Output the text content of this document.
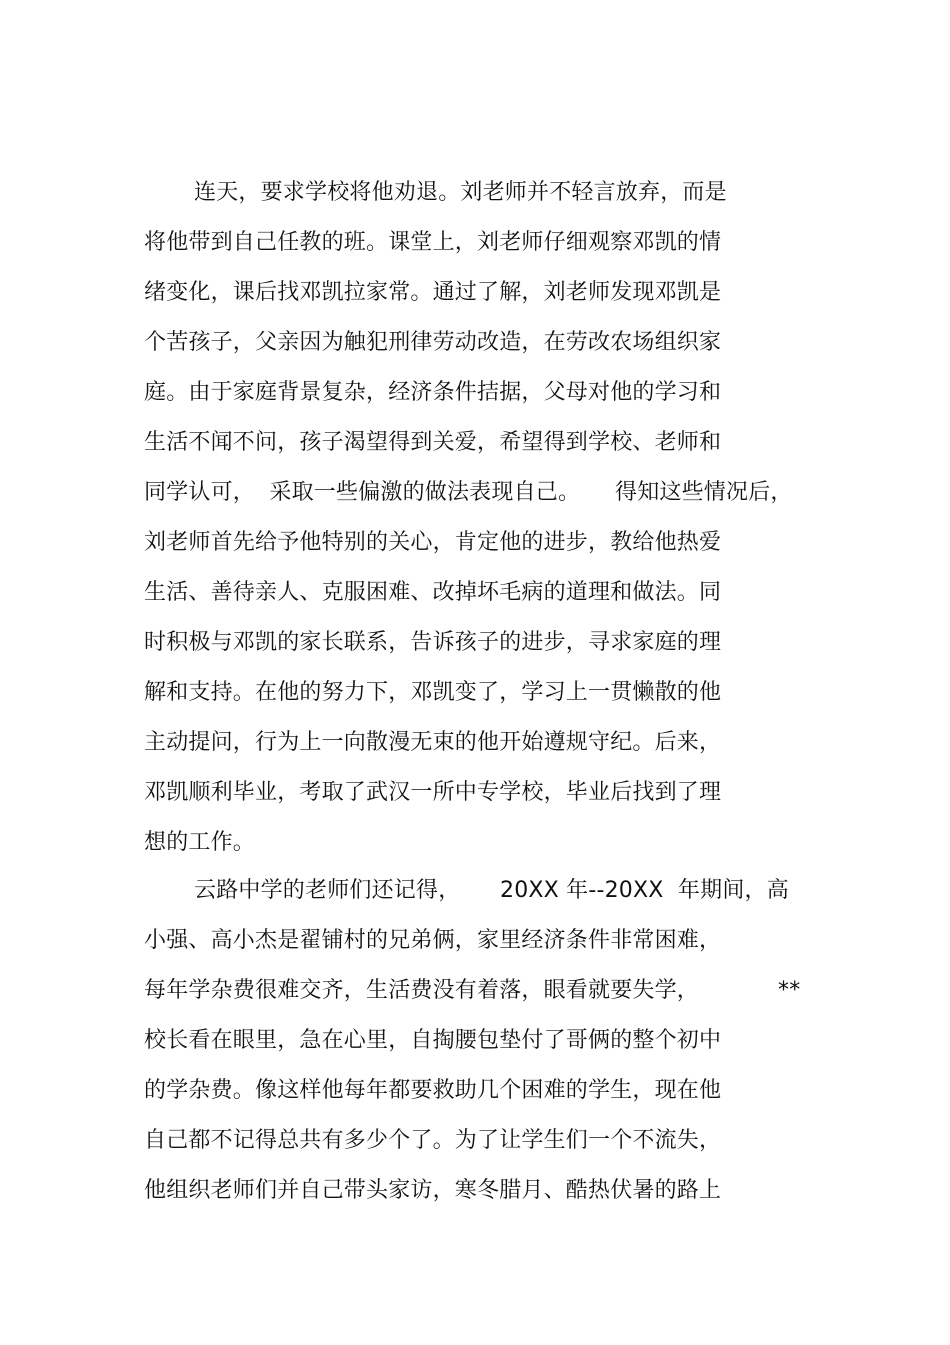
连天，要求学校将他劝退。刘老师并不轻言放弃，而是
将他带到自己任教的班。课堂上，刘老师仔细观察邓凯的情
绪变化，课后找邓凯拉家常。通过了解，刘老师发现邓凯是
个苦孩子，父亲因为触犯刑律劳动改造，在劳改农场组织家
庭。由于家庭背景复杂，经济条件拮据，父母对他的学习和
生活不闻不问，孩子渴望得到关爱，希望得到学校、老师和
同学认可，  采取一些偏激的做法表现自己。 得知这些情况后，
刘老师首先给予他特别的关心，肯定他的进步，教给他热爱
生活、善待亲人、克服困难、改掉坏毛病的道理和做法。同
时积极与邓凯的家长联系，告诉孩子的进步，寻求家庭的理
解和支持。在他的努力下，邓凯变了，学习上一贯懒散的他
主动提问，行为上一向散漫无束的他开始遵规守纪。后来，
邓凯顺利毕业，考取了武汉一所中专学校，毕业后找到了理
想的工作。
云路中学的老师们还记得， 20XX 年--20XX  年期间，高
小强、高小杰是翟铺村的兄弟俩，家里经济条件非常困难，
每年学杂费很难交齐，生活费没有着落，眼看就要失学，	**
校长看在眼里，急在心里，自掏腰包垫付了哥俩的整个初中
的学杂费。像这样他每年都要救助几个困难的学生，现在他
自己都不记得总共有多少个了。为了让学生们一个不流失，
他组织老师们并自己带头家访，寒冬腊月、酷热伏暑的路上
